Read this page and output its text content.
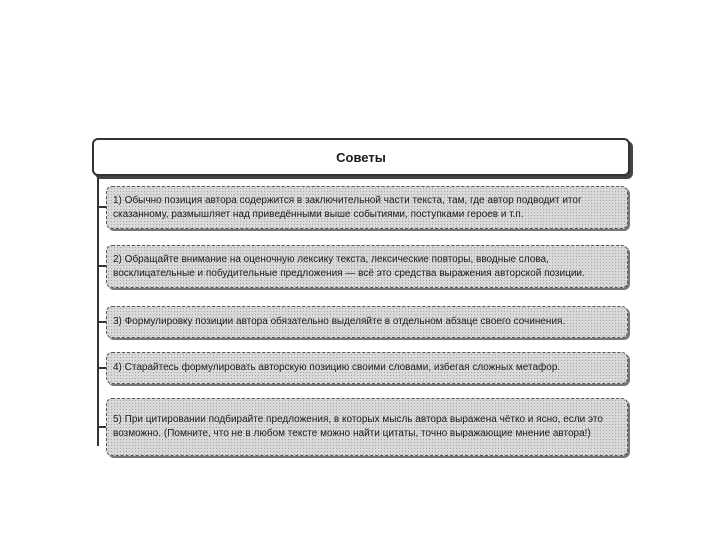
Советы
1) Обычно позиция автора содержится в заключительной части текста, там, где автор подводит итог сказанному, размышляет над приведёнными выше событиями, поступками героев и т.п.
2) Обращайте внимание на оценочную лексику текста, лексические повторы, вводные слова, восклицательные и побудительные предложения — всё это средства выражения авторской позиции.
3) Формулировку позиции автора обязательно выделяйте в отдельном абзаце своего сочинения.
4) Старайтесь формулировать авторскую позицию своими словами, избегая сложных метафор.
5) При цитировании подбирайте предложения, в которых мысль автора выражена чётко и ясно, если это возможно. (Помните, что не в любом тексте можно найти цитаты, точно выражающие мнение автора!)
